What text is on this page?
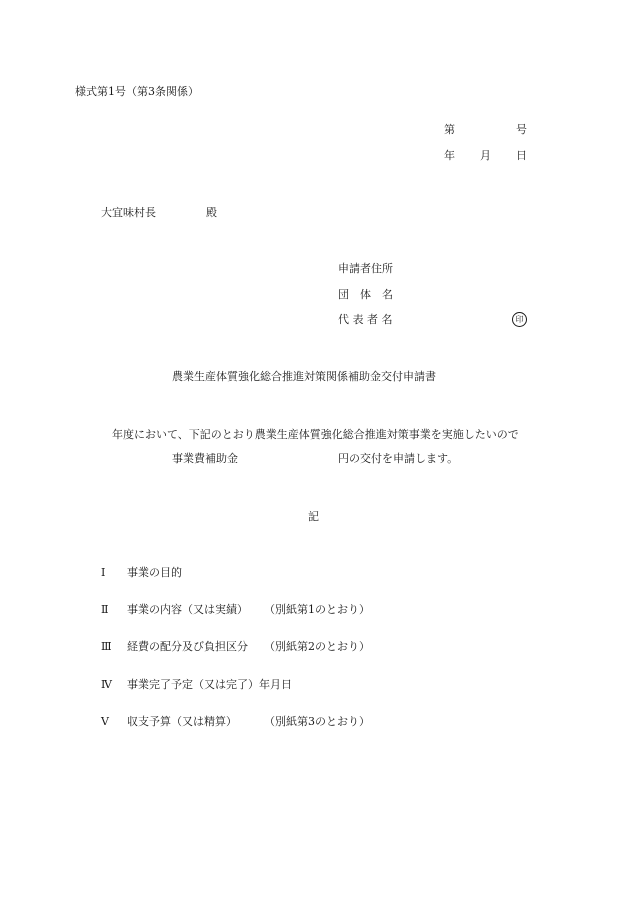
様式第1号（第3条関係）
第	号
年 月 日
大宜味村長	殿
申請者住所
団　体　名
代 表 者 名	印
農業生産体質強化総合推進対策関係補助金交付申請書
年度において、下記のとおり農業生産体質強化総合推進対策事業を実施したいので
事業費補助金	円の交付を申請します。
記
Ⅰ 事業の目的
Ⅱ 事業の内容（又は実績） （別紙第1のとおり）
Ⅲ 経費の配分及び負担区分 （別紙第2のとおり）
Ⅳ 事業完了予定（又は完了）年月日
Ⅴ 収支予算（又は精算） （別紙第3のとおり）
